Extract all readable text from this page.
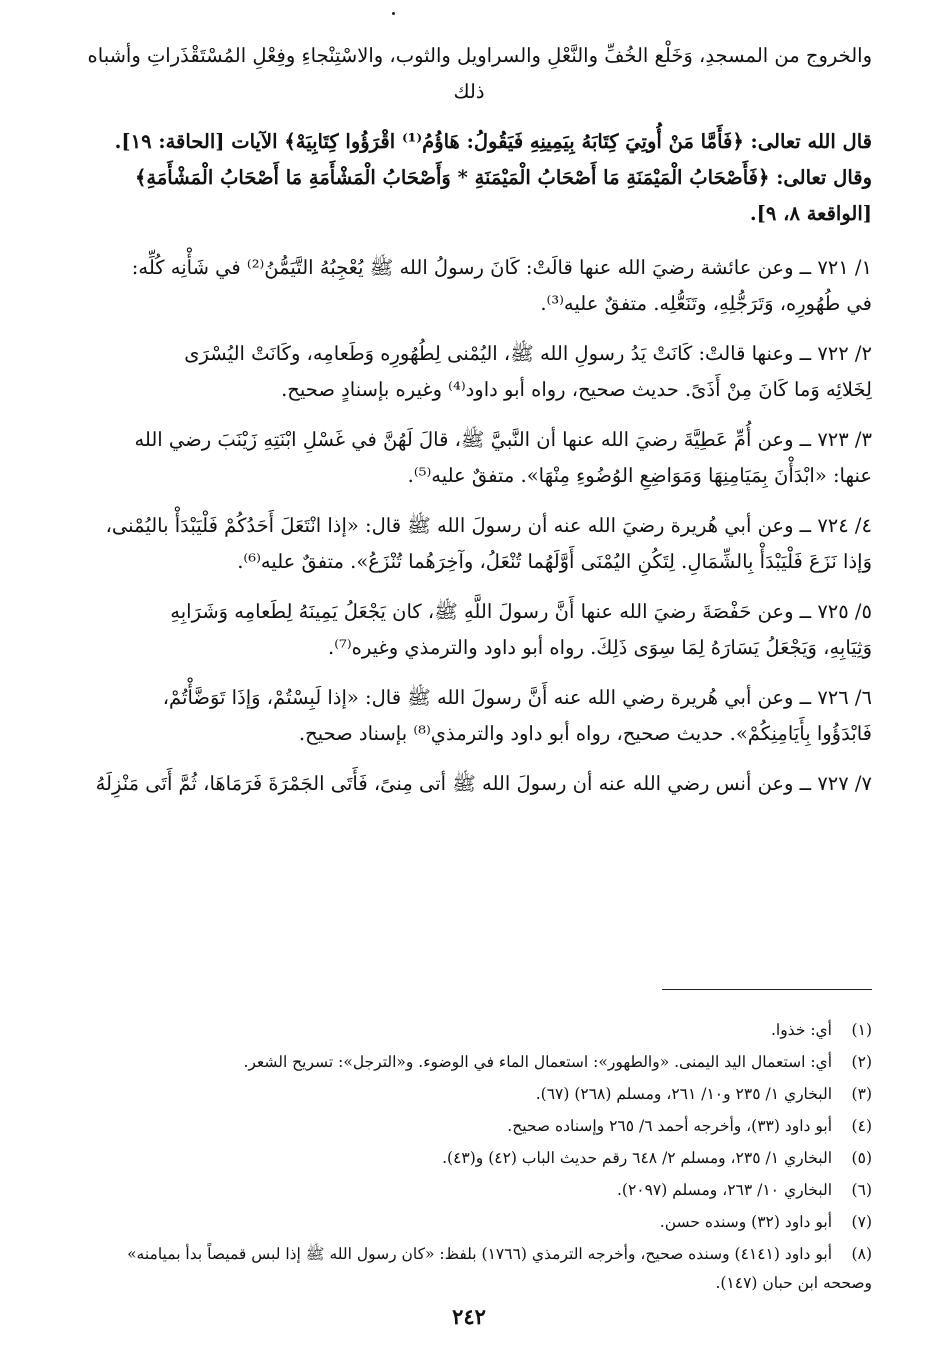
والخروج من المسجدِ، وَخَلْع الخُفِّ والنَّعْلِ والسراويل والثوب، والاسْتِنْجاءِ وفِعْلِ المُسْتَقْذَراتِ وأشباه
ذلك
قال الله تعالى: ﴿فَأَمَّا مَنْ أُوتِيَ كِتَابَهُ بِيَمِينِهِ فَيَقُولُ: هَاؤُمُ⁽¹⁾ اقْرَؤُوا كِتَابِيَهْ﴾ الآيات [الحاقة: ١٩].
وقال تعالى: ﴿فَأَصْحَابُ الْمَيْمَنَةِ مَا أَصْحَابُ الْمَيْمَنَةِ * وَأَصْحَابُ الْمَشْأَمَةِ مَا أَصْحَابُ الْمَشْأَمَةِ﴾
[الواقعة ٨، ٩].
١/ ٧٢١ ــ وعن عائشة رضيَ الله عنها قالَتْ: كَانَ رسولُ الله ﷺ يُعْجِبُهُ التَّيَمُّنُ⁽²⁾ في شَأْنِه كُلِّه:
في طُهُورِه، وَتَرَجُّلِهِ، وتَنَعُّلِه. متفقٌ عليه⁽³⁾.
٢/ ٧٢٢ ــ وعنها قالتْ: كَانَتْ يَدُ رسولِ الله ﷺ، اليُمْنى لِطُهُورِه وَطَعامِه، وكَانَتْ اليُسْرَى
لِخَلائِه وَما كَانَ مِنْ أَذَىً. حديث صحيح، رواه أبو داود⁽⁴⁾ وغيره بإسنادٍ صحيح.
٣/ ٧٢٣ ــ وعن أُمِّ عَطِيَّةَ رضيَ الله عنها أن النَّبيَّ ﷺ، قالَ لَهُنَّ في غَسْلِ ابْنَتِهِ زَيْنَبَ رضي الله
عنها: «ابْدَأْنَ بِمَيَامِنِهَا وَمَوَاضِعِ الوُضُوءِ مِنْهَا». متفقٌ عليه⁽⁵⁾.
٤/ ٧٢٤ ــ وعن أبي هُريرة رضيَ الله عنه أن رسولَ الله ﷺ قال: «إذا انْتَعَلَ أَحَدُكُمْ فَلْيَبْدَأْ باليُمْنى،
وَإذا نَزَعَ فَلْيَبْدَأْ بِالشِّمَالِ. لِتَكُنِ اليُمْنَى أَوَّلَهُما تُنْعَلُ، وآخِرَهُما تُنْزَعُ». متفقٌ عليه⁽⁶⁾.
٥/ ٧٢٥ ــ وعن حَفْصَةَ رضيَ الله عنها أَنَّ رسولَ اللَّهِ ﷺ، كان يَجْعَلُ يَمِينَهُ لِطَعامِه وَشَرَابِهِ
وَثِيَابِهِ، وَيَجْعَلُ يَسَارَهُ لِمَا سِوَى ذَلِكَ. رواه أبو داود والترمذي وغيره⁽⁷⁾.
٦/ ٧٢٦ ــ وعن أبي هُريرة رضي الله عنه أَنَّ رسولَ الله ﷺ قال: «إذا لَبِسْتُمْ، وَإذَا تَوَضَّأْتُمْ،
فَابْدَؤُوا بِأَيَامِنِكُمْ». حديث صحيح، رواه أبو داود والترمذي⁽⁸⁾ بإسناد صحيح.
٧/ ٧٢٧ ــ وعن أنس رضي الله عنه أن رسولَ الله ﷺ أتى مِنىً، فَأَتَى الجَمْرَةَ فَرَمَاهَا، ثُمَّ أَتَى مَنْزِلَهُ
(١)
أي: خذوا.
(٢)
أي: استعمال اليد اليمنى. «والطهور»: استعمال الماء في الوضوء. و«الترجل»: تسريح الشعر.
(٣)
البخاري ١/ ٢٣٥ و١٠/ ٢٦١، ومسلم (٢٦٨) (٦٧).
(٤)
أبو داود (٣٣)، وأخرجه أحمد ٦/ ٢٦٥ وإسناده صحيح.
(٥)
البخاري ١/ ٢٣٥، ومسلم ٢/ ٦٤٨ رقم حديث الباب (٤٢) و(٤٣).
(٦)
البخاري ١٠/ ٢٦٣، ومسلم (٢٠٩٧).
(٧)
أبو داود (٣٢) وسنده حسن.
(٨)
أبو داود (٤١٤١) وسنده صحيح، وأخرجه الترمذي (١٧٦٦) بلفظ: «كان رسول الله ﷺ إذا لبس قميصاً بدأ بميامنه»
وصححه ابن حبان (١٤٧).
٢٤٢
